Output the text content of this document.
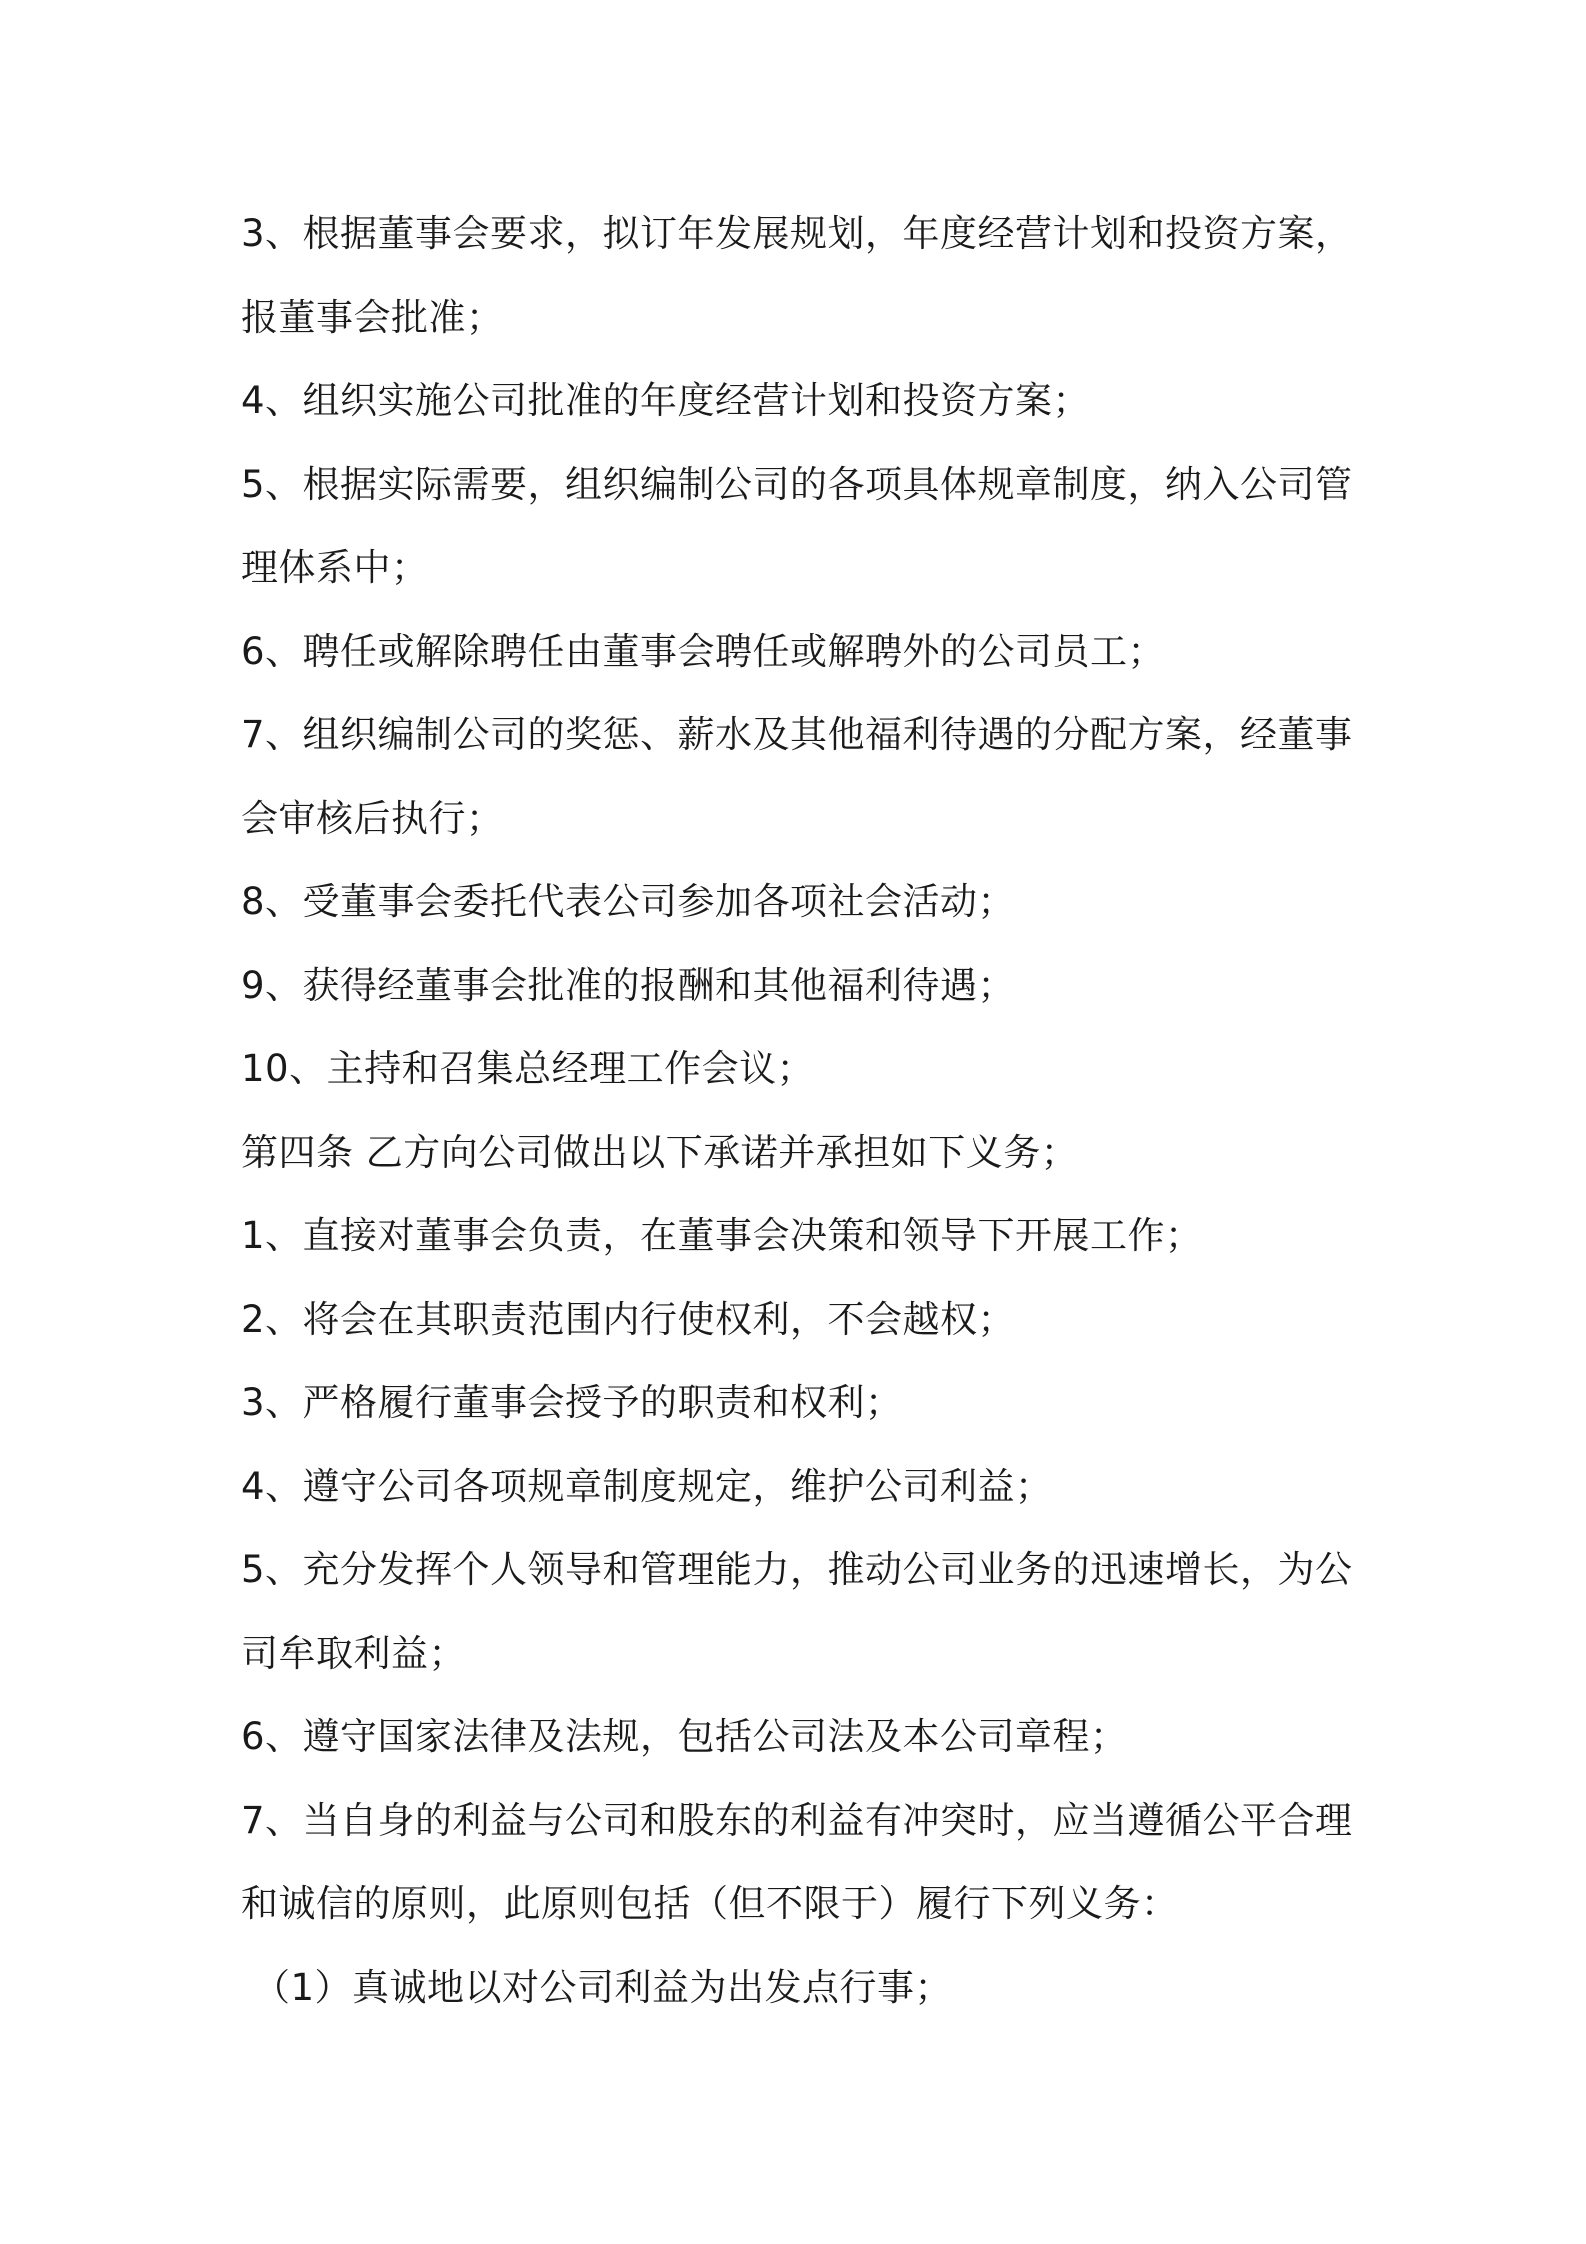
3、根据董事会要求，拟订年发展规划，年度经营计划和投资方案，

报董事会批准；

4、组织实施公司批准的年度经营计划和投资方案；

5、根据实际需要，组织编制公司的各项具体规章制度，纳入公司管

理体系中；

6、聘任或解除聘任由董事会聘任或解聘外的公司员工；

7、组织编制公司的奖惩、薪水及其他福利待遇的分配方案，经董事

会审核后执行；

8、受董事会委托代表公司参加各项社会活动；

9、获得经董事会批准的报酬和其他福利待遇；

10、主持和召集总经理工作会议；

第四条 乙方向公司做出以下承诺并承担如下义务；

1、直接对董事会负责，在董事会决策和领导下开展工作；

2、将会在其职责范围内行使权利，不会越权；

3、严格履行董事会授予的职责和权利；

4、遵守公司各项规章制度规定，维护公司利益；

5、充分发挥个人领导和管理能力，推动公司业务的迅速增长，为公

司牟取利益；

6、遵守国家法律及法规，包括公司法及本公司章程；

7、当自身的利益与公司和股东的利益有冲突时，应当遵循公平合理

和诚信的原则，此原则包括（但不限于）履行下列义务：

（1）真诚地以对公司利益为出发点行事；
